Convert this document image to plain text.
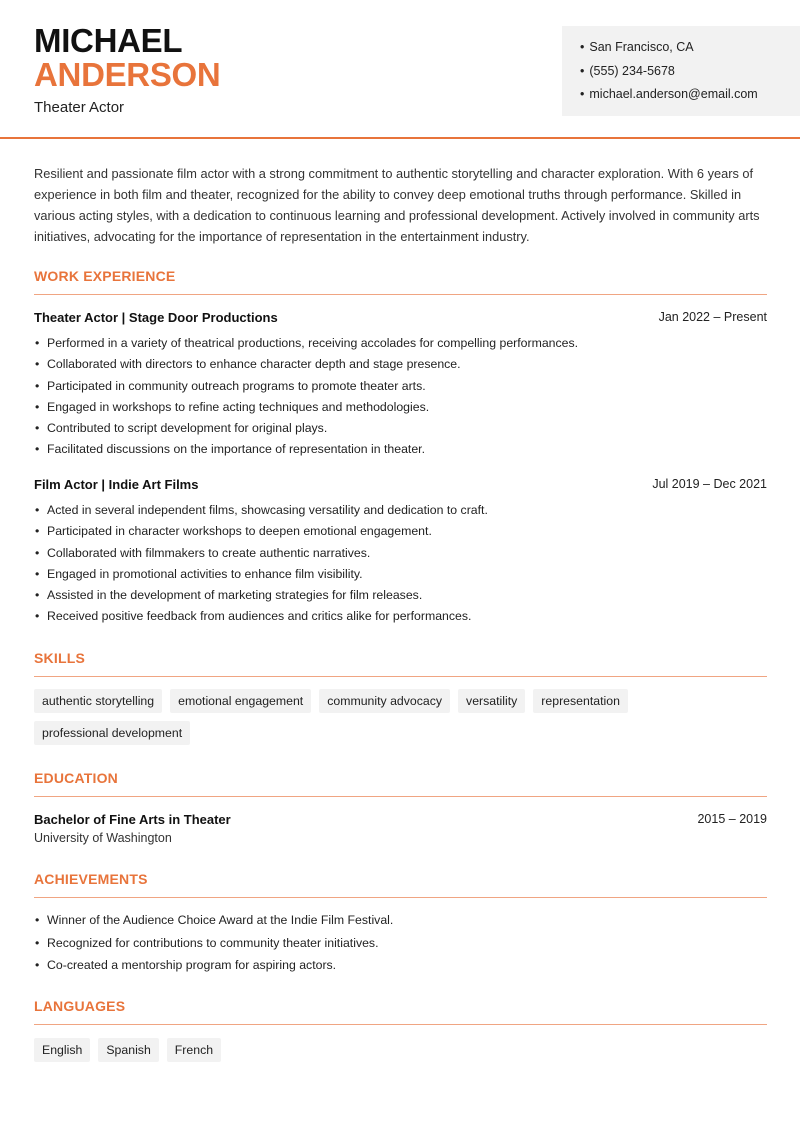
MICHAEL
ANDERSON
Theater Actor
• San Francisco, CA
• (555) 234-5678
• michael.anderson@email.com

Resilient and passionate film actor with a strong commitment to authentic storytelling and character exploration. With 6 years of experience in both film and theater, recognized for the ability to convey deep emotional truths through performance. Skilled in various acting styles, with a dedication to continuous learning and professional development. Actively involved in community arts initiatives, advocating for the importance of representation in the entertainment industry.

WORK EXPERIENCE
Theater Actor | Stage Door Productions	Jan 2022 – Present
• Performed in a variety of theatrical productions, receiving accolades for compelling performances.
• Collaborated with directors to enhance character depth and stage presence.
• Participated in community outreach programs to promote theater arts.
• Engaged in workshops to refine acting techniques and methodologies.
• Contributed to script development for original plays.
• Facilitated discussions on the importance of representation in theater.
Film Actor | Indie Art Films	Jul 2019 – Dec 2021
• Acted in several independent films, showcasing versatility and dedication to craft.
• Participated in character workshops to deepen emotional engagement.
• Collaborated with filmmakers to create authentic narratives.
• Engaged in promotional activities to enhance film visibility.
• Assisted in the development of marketing strategies for film releases.
• Received positive feedback from audiences and critics alike for performances.
SKILLS
authentic storytelling	emotional engagement	community advocacy	versatility	representation
professional development
EDUCATION
Bachelor of Fine Arts in Theater	2015 – 2019
University of Washington
ACHIEVEMENTS
• Winner of the Audience Choice Award at the Indie Film Festival.
• Recognized for contributions to community theater initiatives.
• Co-created a mentorship program for aspiring actors.
LANGUAGES
English	Spanish	French
